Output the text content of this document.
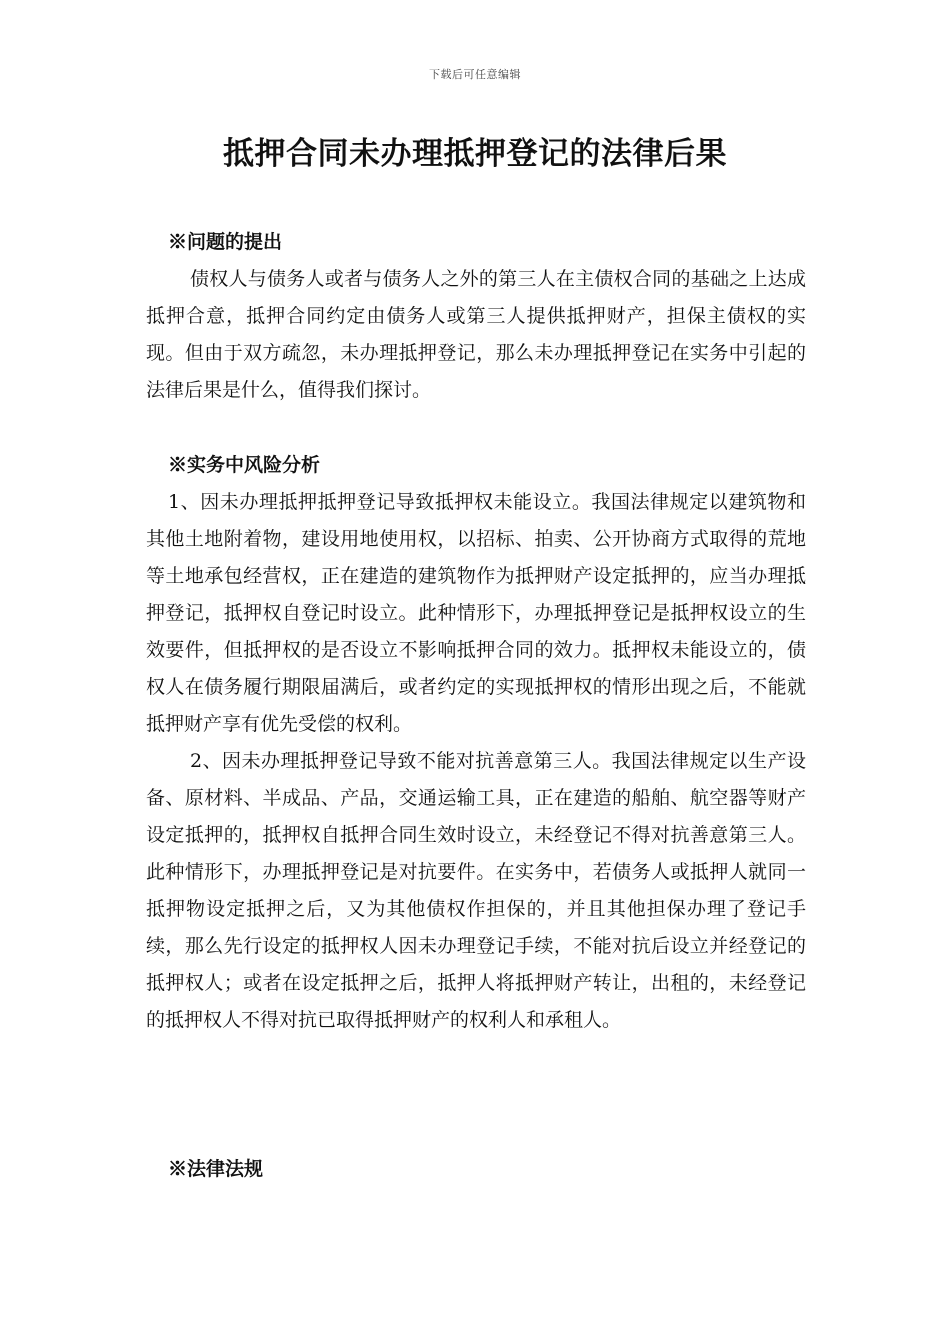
下载后可任意编辑
抵押合同未办理抵押登记的法律后果

※问题的提出

债权人与债务人或者与债务人之外的第三人在主债权合同的基础之上达成抵押合意，抵押合同约定由债务人或第三人提供抵押财产，担保主债权的实现。但由于双方疏忽，未办理抵押登记，那么未办理抵押登记在实务中引起的法律后果是什么，值得我们探讨。

※实务中风险分析

1、因未办理抵押抵押登记导致抵押权未能设立。我国法律规定以建筑物和其他土地附着物，建设用地使用权，以招标、拍卖、公开协商方式取得的荒地等土地承包经营权，正在建造的建筑物作为抵押财产设定抵押的，应当办理抵押登记，抵押权自登记时设立。此种情形下，办理抵押登记是抵押权设立的生效要件，但抵押权的是否设立不影响抵押合同的效力。抵押权未能设立的，债权人在债务履行期限届满后，或者约定的实现抵押权的情形出现之后，不能就抵押财产享有优先受偿的权利。

2、因未办理抵押登记导致不能对抗善意第三人。我国法律规定以生产设备、原材料、半成品、产品，交通运输工具，正在建造的船舶、航空器等财产设定抵押的，抵押权自抵押合同生效时设立，未经登记不得对抗善意第三人。此种情形下，办理抵押登记是对抗要件。在实务中，若债务人或抵押人就同一抵押物设定抵押之后，又为其他债权作担保的，并且其他担保办理了登记手续，那么先行设定的抵押权人因未办理登记手续，不能对抗后设立并经登记的抵押权人；或者在设定抵押之后，抵押人将抵押财产转让，出租的，未经登记的抵押权人不得对抗已取得抵押财产的权利人和承租人。

※法律法规
